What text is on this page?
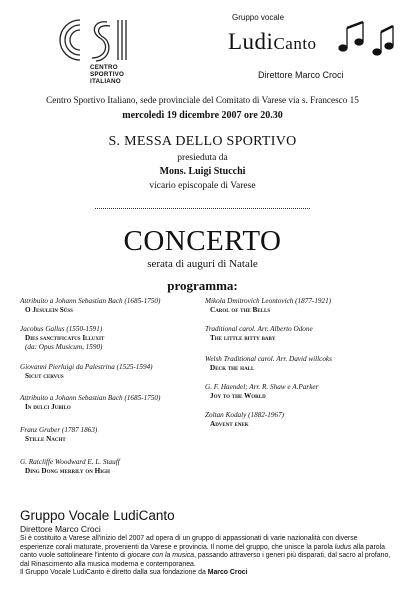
CENTRO
SPORTIVO
ITALIANO
Gruppo vocale
LudiCanto
Direttore Marco Croci
Centro Sportivo Italiano, sede provinciale del Comitato di Varese via s. Francesco 15
mercoledì 19 dicembre 2007 ore 20.30
S. MESSA DELLO SPORTIVO
presieduta da
Mons. Luigi Stucchi
vicario episcopale di Varese
CONCERTO
serata di auguri di Natale
programma:
Attribuito a Johann Sebastian Bach (1685-1750)
O Jesulein Süss
Jacobus Gallus (1550-1591)
Dies sanctificatus Illuxit
(da: Opus Musicum, 1590)
Giovanni Pierluigi da Palestrina (1525-1594)
Sicut cervus
Attribuito a Johann Sebastian Bach (1685-1750)
In dulci Jubilo
Franz Gruber (1787 1863)
Stille Nacht
G. Ratcliffe Woodward E. L. Stauff
Ding Dong merrily on High
Mikola Dmitrovich Leontovich (1877-1921)
Carol of the Bells
Traditional carol. Arr. Alberto Odone
The little bitty baby
Welsh Traditional carol. Arr. David willcoks
Deck the hall
G. F. Haendel; Arr. R. Shaw e A.Parker
Joy to the World
Zoltan Kodaly (1882-1967)
Advent enek
Gruppo Vocale LudiCanto
Direttore Marco Croci
Si è costituito a Varese all'inizio del 2007 ad opera di un gruppo di appassionati di varie nazionalità con diverse esperienze corali maturate, provenienti da Varese e provincia. Il nome del gruppo, che unisce la parola ludus alla parola canto vuole sottolineare l'intento di giocare con la musica, passando attraverso i generi più disparati, dal sacro al profano, dal Rinascimento alla musica moderna e contemporanea.
Il Gruppo Vocale LudiCanto è diretto dalla sua fondazione da Marco Croci
